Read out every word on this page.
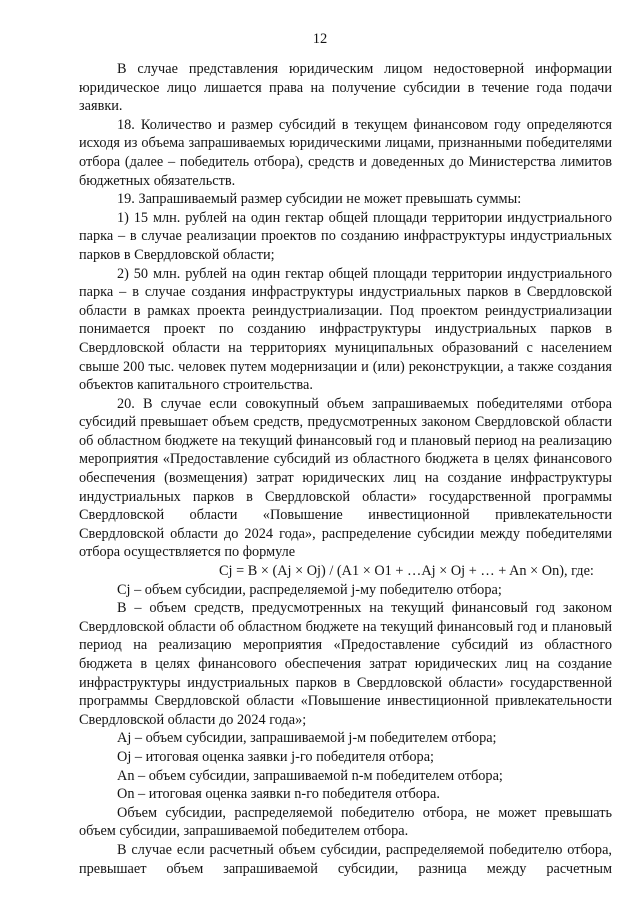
12

В случае представления юридическим лицом недостоверной информации юридическое лицо лишается права на получение субсидии в течение года подачи заявки.

18. Количество и размер субсидий в текущем финансовом году определяются исходя из объема запрашиваемых юридическими лицами, признанными победителями отбора (далее – победитель отбора), средств и доведенных до Министерства лимитов бюджетных обязательств.

19. Запрашиваемый размер субсидии не может превышать суммы:

1) 15 млн. рублей на один гектар общей площади территории индустриального парка – в случае реализации проектов по созданию инфраструктуры индустриальных парков в Свердловской области;

2) 50 млн. рублей на один гектар общей площади территории индустриального парка – в случае создания инфраструктуры индустриальных парков в Свердловской области в рамках проекта реиндустриализации. Под проектом реиндустриализации понимается проект по созданию инфраструктуры индустриальных парков в Свердловской области на территориях муниципальных образований с населением свыше 200 тыс. человек путем модернизации и (или) реконструкции, а также создания объектов капитального строительства.

20. В случае если совокупный объем запрашиваемых победителями отбора субсидий превышает объем средств, предусмотренных законом Свердловской области об областном бюджете на текущий финансовый год и плановый период на реализацию мероприятия «Предоставление субсидий из областного бюджета в целях финансового обеспечения (возмещения) затрат юридических лиц на создание инфраструктуры индустриальных парков в Свердловской области» государственной программы Свердловской области «Повышение инвестиционной привлекательности Свердловской области до 2024 года», распределение субсидии между победителями отбора осуществляется по формуле

Cj = B × (Aj × Oj) / (A1 × O1 + …Aj × Oj + … + An × On), где:

Cj – объем субсидии, распределяемой j-му победителю отбора;

B – объем средств, предусмотренных на текущий финансовый год законом Свердловской области об областном бюджете на текущий финансовый год и плановый период на реализацию мероприятия «Предоставление субсидий из областного бюджета в целях финансового обеспечения затрат юридических лиц на создание инфраструктуры индустриальных парков в Свердловской области» государственной программы Свердловской области «Повышение инвестиционной привлекательности Свердловской области до 2024 года»;

Aj – объем субсидии, запрашиваемой j-м победителем отбора;

Oj – итоговая оценка заявки j-го победителя отбора;

An – объем субсидии, запрашиваемой n-м победителем отбора;

On – итоговая оценка заявки n-го победителя отбора.

Объем субсидии, распределяемой победителю отбора, не может превышать объем субсидии, запрашиваемой победителем отбора.

В случае если расчетный объем субсидии, распределяемой победителю отбора, превышает объем запрашиваемой субсидии, разница между расчетным
